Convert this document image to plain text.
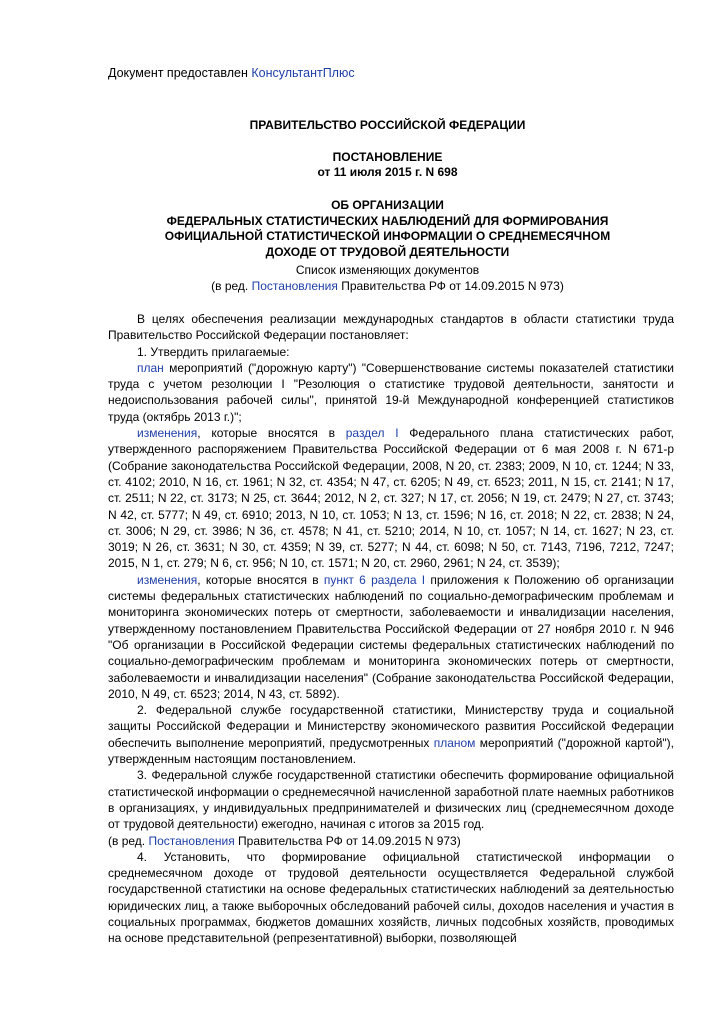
Документ предоставлен КонсультантПлюс
ПРАВИТЕЛЬСТВО РОССИЙСКОЙ ФЕДЕРАЦИИ
ПОСТАНОВЛЕНИЕ
от 11 июля 2015 г. N 698
ОБ ОРГАНИЗАЦИИ
ФЕДЕРАЛЬНЫХ СТАТИСТИЧЕСКИХ НАБЛЮДЕНИЙ ДЛЯ ФОРМИРОВАНИЯ
ОФИЦИАЛЬНОЙ СТАТИСТИЧЕСКОЙ ИНФОРМАЦИИ О СРЕДНЕМЕСЯЧНОМ
ДОХОДЕ ОТ ТРУДОВОЙ ДЕЯТЕЛЬНОСТИ
Список изменяющих документов
(в ред. Постановления Правительства РФ от 14.09.2015 N 973)

В целях обеспечения реализации международных стандартов в области статистики труда Правительство Российской Федерации постановляет:

1. Утвердить прилагаемые:

план мероприятий ("дорожную карту") "Совершенствование системы показателей статистики труда с учетом резолюции I "Резолюция о статистике трудовой деятельности, занятости и недоиспользования рабочей силы", принятой 19-й Международной конференцией статистиков труда (октябрь 2013 г.)";

изменения, которые вносятся в раздел I Федерального плана статистических работ, утвержденного распоряжением Правительства Российской Федерации от 6 мая 2008 г. N 671-р (Собрание законодательства Российской Федерации, 2008, N 20, ст. 2383; 2009, N 10, ст. 1244; N 33, ст. 4102; 2010, N 16, ст. 1961; N 32, ст. 4354; N 47, ст. 6205; N 49, ст. 6523; 2011, N 15, ст. 2141; N 17, ст. 2511; N 22, ст. 3173; N 25, ст. 3644; 2012, N 2, ст. 327; N 17, ст. 2056; N 19, ст. 2479; N 27, ст. 3743; N 42, ст. 5777; N 49, ст. 6910; 2013, N 10, ст. 1053; N 13, ст. 1596; N 16, ст. 2018; N 22, ст. 2838; N 24, ст. 3006; N 29, ст. 3986; N 36, ст. 4578; N 41, ст. 5210; 2014, N 10, ст. 1057; N 14, ст. 1627; N 23, ст. 3019; N 26, ст. 3631; N 30, ст. 4359; N 39, ст. 5277; N 44, ст. 6098; N 50, ст. 7143, 7196, 7212, 7247; 2015, N 1, ст. 279; N 6, ст. 956; N 10, ст. 1571; N 20, ст. 2960, 2961; N 24, ст. 3539);

изменения, которые вносятся в пункт 6 раздела I приложения к Положению об организации системы федеральных статистических наблюдений по социально-демографическим проблемам и мониторинга экономических потерь от смертности, заболеваемости и инвалидизации населения, утвержденному постановлением Правительства Российской Федерации от 27 ноября 2010 г. N 946 "Об организации в Российской Федерации системы федеральных статистических наблюдений по социально-демографическим проблемам и мониторинга экономических потерь от смертности, заболеваемости и инвалидизации населения" (Собрание законодательства Российской Федерации, 2010, N 49, ст. 6523; 2014, N 43, ст. 5892).

2. Федеральной службе государственной статистики, Министерству труда и социальной защиты Российской Федерации и Министерству экономического развития Российской Федерации обеспечить выполнение мероприятий, предусмотренных планом мероприятий ("дорожной картой"), утвержденным настоящим постановлением.

3. Федеральной службе государственной статистики обеспечить формирование официальной статистической информации о среднемесячной начисленной заработной плате наемных работников в организациях, у индивидуальных предпринимателей и физических лиц (среднемесячном доходе от трудовой деятельности) ежегодно, начиная с итогов за 2015 год.

(в ред. Постановления Правительства РФ от 14.09.2015 N 973)

4. Установить, что формирование официальной статистической информации о среднемесячном доходе от трудовой деятельности осуществляется Федеральной службой государственной статистики на основе федеральных статистических наблюдений за деятельностью юридических лиц, а также выборочных обследований рабочей силы, доходов населения и участия в социальных программах, бюджетов домашних хозяйств, личных подсобных хозяйств, проводимых на основе представительной (репрезентативной) выборки, позволяющей
